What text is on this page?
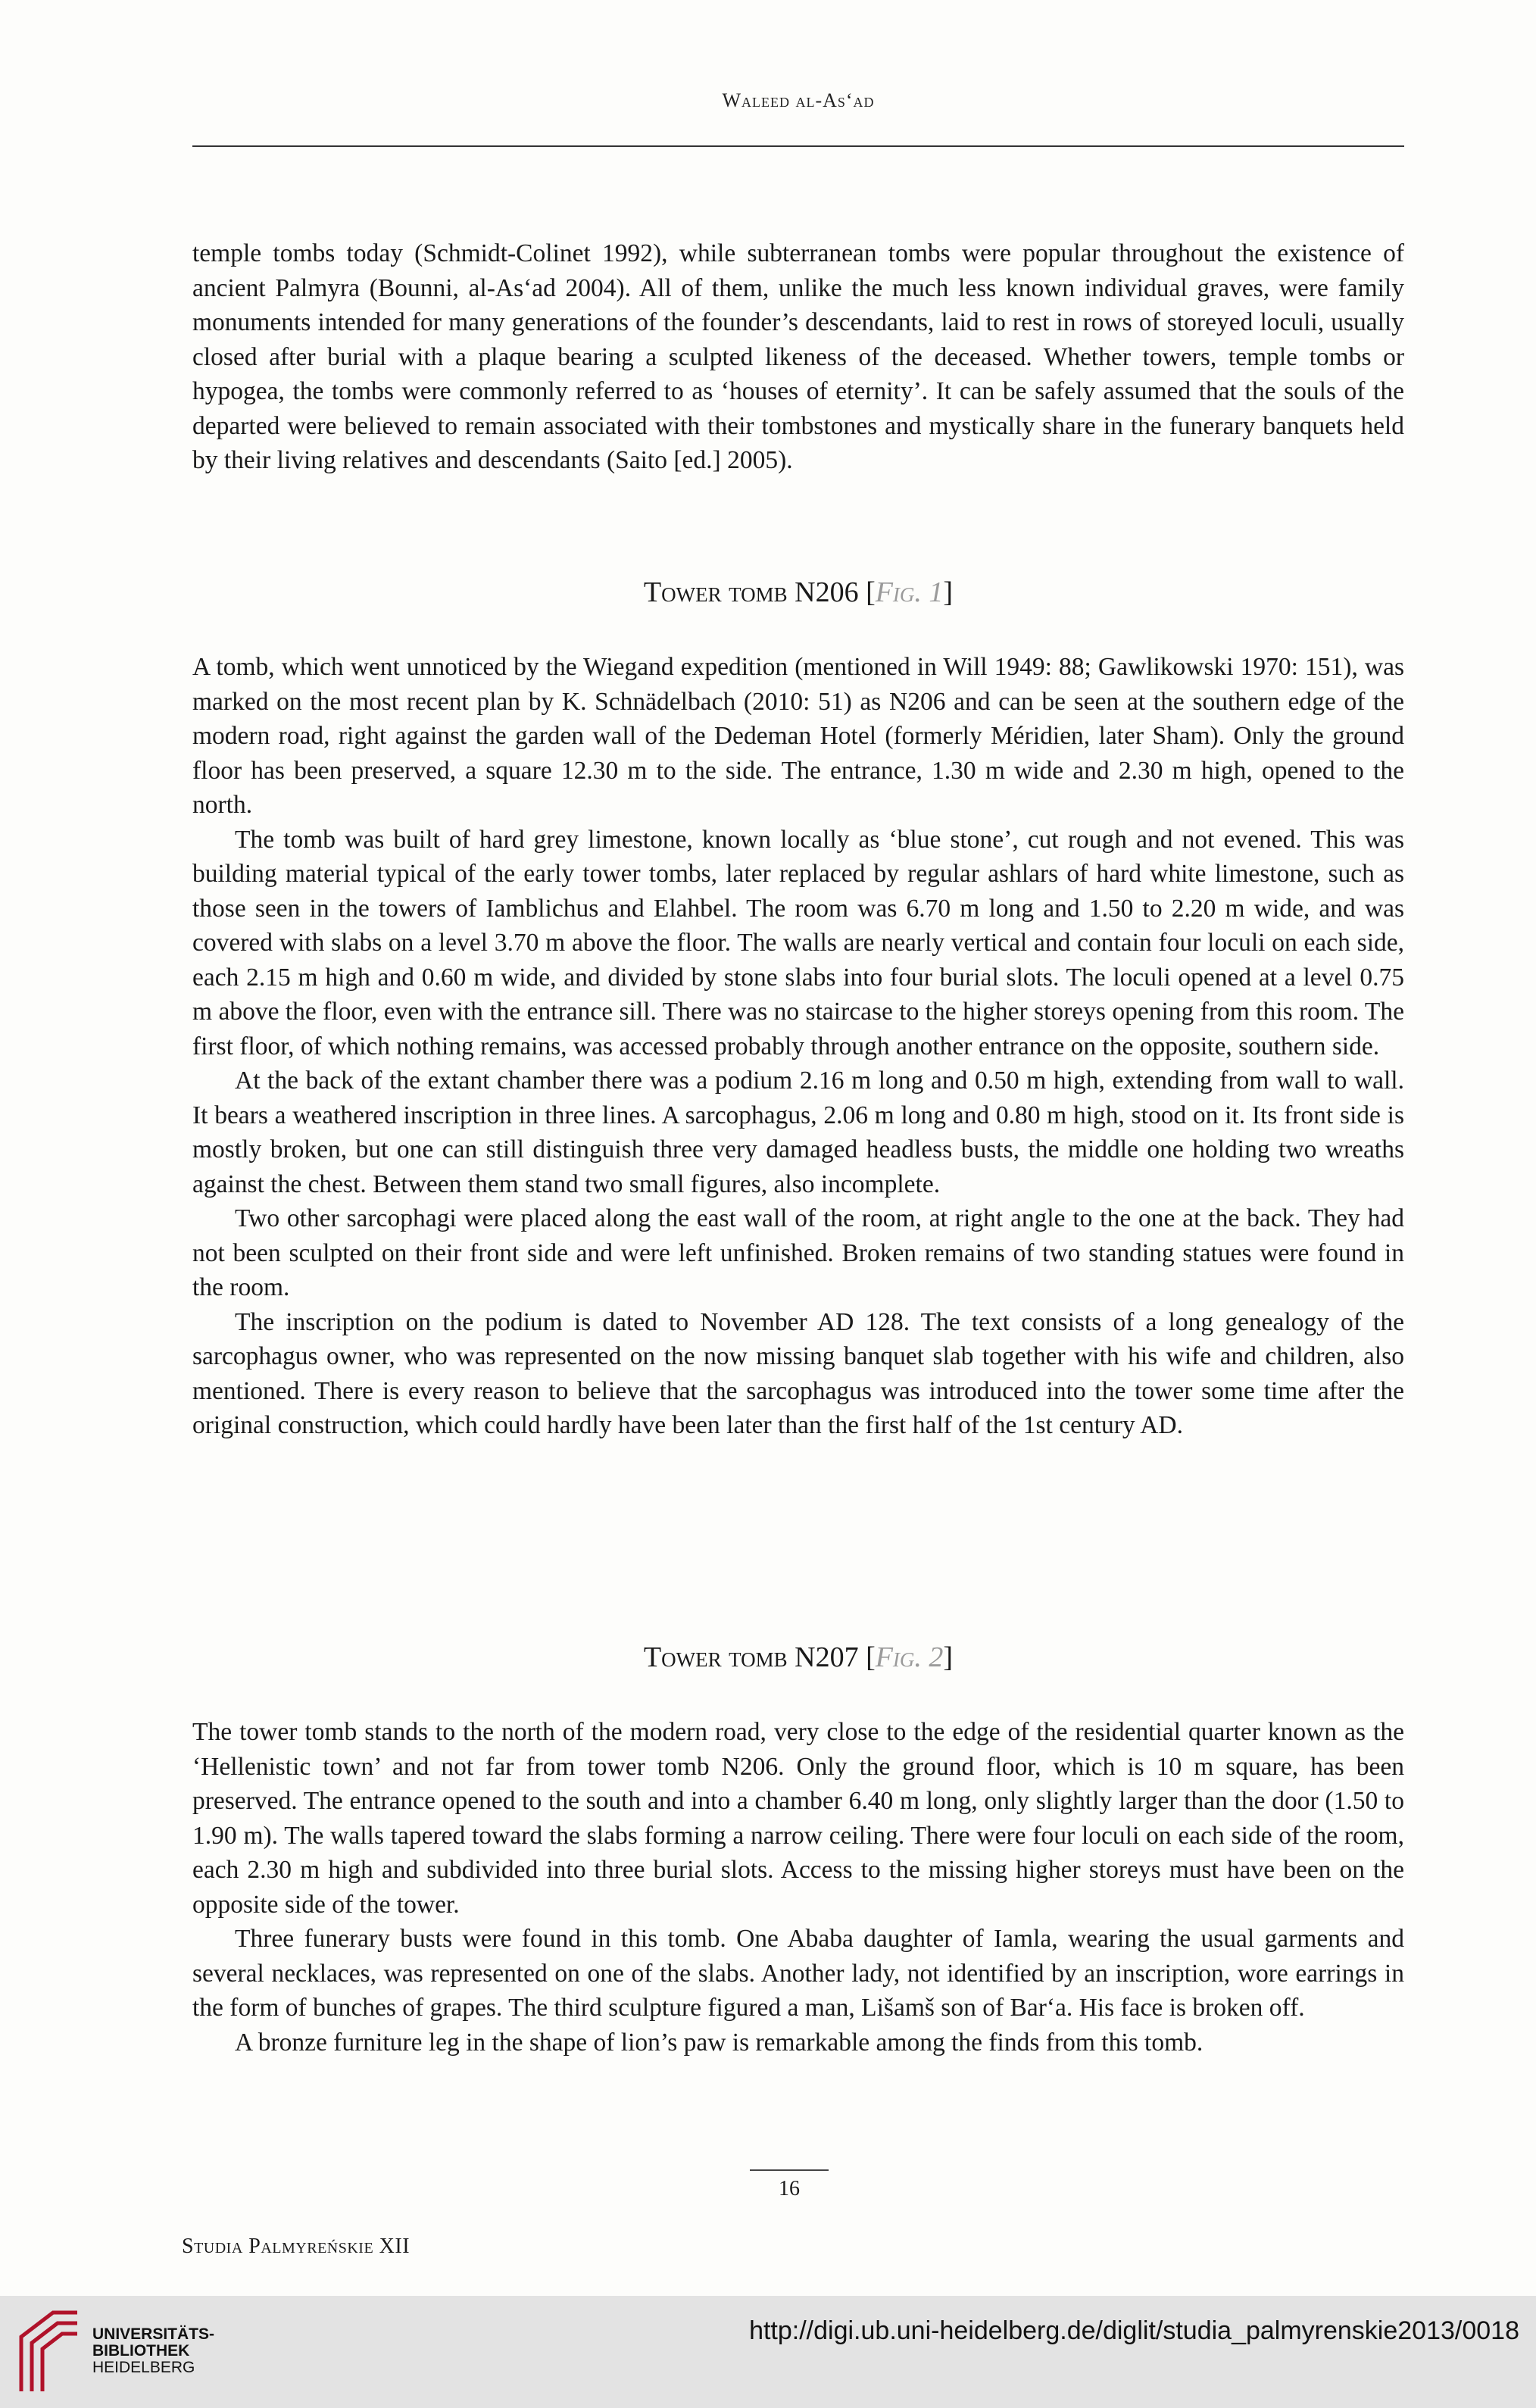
Waleed al-As‘ad

temple tombs today (Schmidt-Colinet 1992), while subterranean tombs were popular throughout the existence of ancient Palmyra (Bounni, al-As‘ad 2004). All of them, unlike the much less known individual graves, were family monuments intended for many generations of the founder’s descendants, laid to rest in rows of storeyed loculi, usually closed after burial with a plaque bearing a sculpted likeness of the deceased. Whether towers, temple tombs or hypogea, the tombs were commonly referred to as ‘houses of eternity’. It can be safely assumed that the souls of the departed were believed to remain associated with their tombstones and mystically share in the funerary banquets held by their living relatives and descendants (Saito [ed.] 2005).

Tower tomb N206 [Fig. 1]

A tomb, which went unnoticed by the Wiegand expedition (mentioned in Will 1949: 88; Gawlikowski 1970: 151), was marked on the most recent plan by K. Schnädelbach (2010: 51) as N206 and can be seen at the southern edge of the modern road, right against the garden wall of the Dedeman Hotel (formerly Méridien, later Sham). Only the ground floor has been preserved, a square 12.30 m to the side. The entrance, 1.30 m wide and 2.30 m high, opened to the north.

The tomb was built of hard grey limestone, known locally as ‘blue stone’, cut rough and not evened. This was building material typical of the early tower tombs, later replaced by regular ashlars of hard white limestone, such as those seen in the towers of Iamblichus and Elahbel. The room was 6.70 m long and 1.50 to 2.20 m wide, and was covered with slabs on a level 3.70 m above the floor. The walls are nearly vertical and contain four loculi on each side, each 2.15 m high and 0.60 m wide, and divided by stone slabs into four burial slots. The loculi opened at a level 0.75 m above the floor, even with the entrance sill. There was no staircase to the higher storeys opening from this room. The first floor, of which nothing remains, was accessed probably through another entrance on the opposite, southern side.

At the back of the extant chamber there was a podium 2.16 m long and 0.50 m high, extending from wall to wall. It bears a weathered inscription in three lines. A sarcophagus, 2.06 m long and 0.80 m high, stood on it. Its front side is mostly broken, but one can still distinguish three very damaged headless busts, the middle one holding two wreaths against the chest. Between them stand two small figures, also incomplete.

Two other sarcophagi were placed along the east wall of the room, at right angle to the one at the back. They had not been sculpted on their front side and were left unfinished. Broken remains of two standing statues were found in the room.

The inscription on the podium is dated to November AD 128. The text consists of a long genealogy of the sarcophagus owner, who was represented on the now missing banquet slab together with his wife and children, also mentioned. There is every reason to believe that the sarcophagus was introduced into the tower some time after the original construction, which could hardly have been later than the first half of the 1st century AD.

Tower tomb N207 [Fig. 2]

The tower tomb stands to the north of the modern road, very close to the edge of the residential quarter known as the ‘Hellenistic town’ and not far from tower tomb N206. Only the ground floor, which is 10 m square, has been preserved. The entrance opened to the south and into a chamber 6.40 m long, only slightly larger than the door (1.50 to 1.90 m). The walls tapered toward the slabs forming a narrow ceiling. There were four loculi on each side of the room, each 2.30 m high and subdivided into three burial slots. Access to the missing higher storeys must have been on the opposite side of the tower.

Three funerary busts were found in this tomb. One Ababa daughter of Iamla, wearing the usual garments and several necklaces, was represented on one of the slabs. Another lady, not identified by an inscription, wore earrings in the form of bunches of grapes. The third sculpture figured a man, Lišamš son of Bar‘a. His face is broken off.

A bronze furniture leg in the shape of lion’s paw is remarkable among the finds from this tomb.

16
Studia Palmyreńskie XII
UNIVERSITÄTS-
BIBLIOTHEK
HEIDELBERG
http://digi.ub.uni-heidelberg.de/diglit/studia_palmyrenskie2013/0018
